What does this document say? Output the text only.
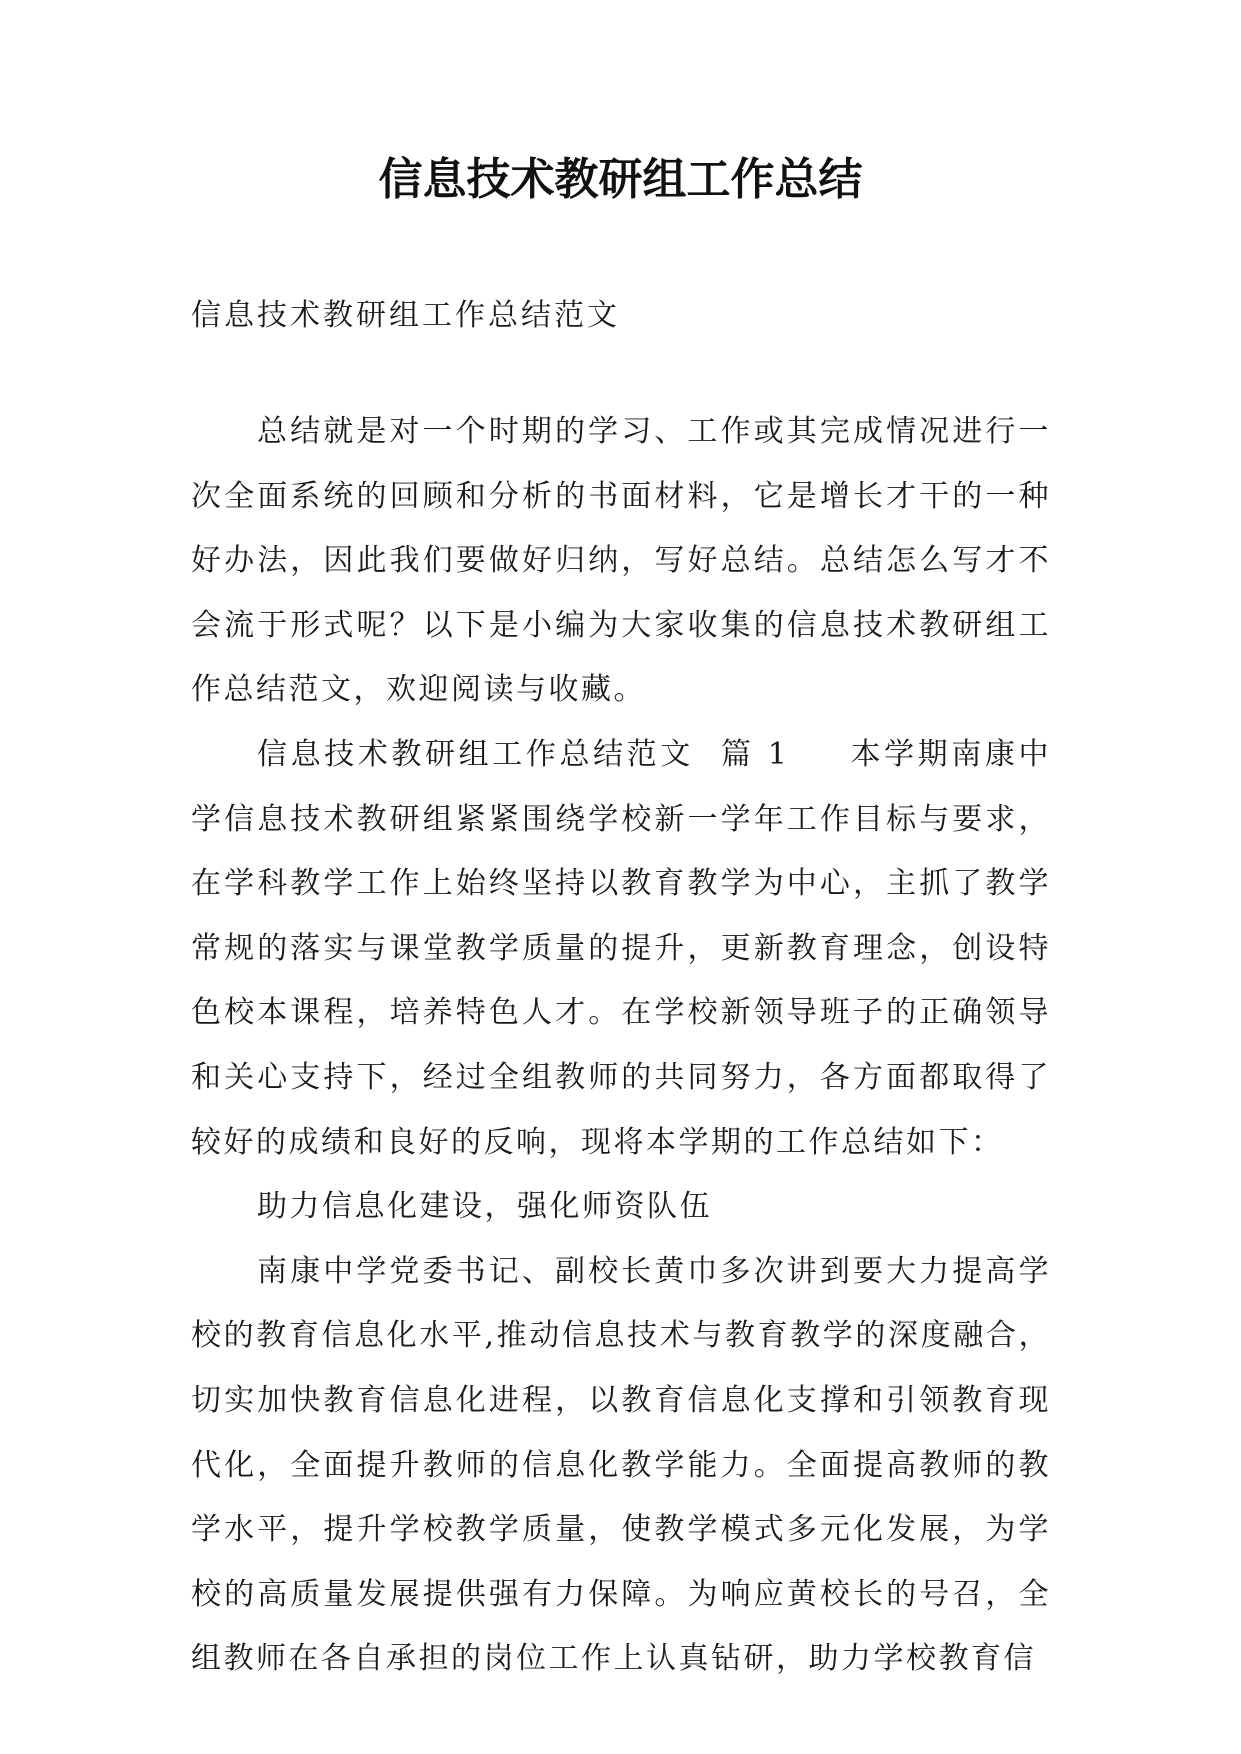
信息技术教研组工作总结

信息技术教研组工作总结范文

总结就是对一个时期的学习、工作或其完成情况进行一次全面系统的回顾和分析的书面材料，它是增长才干的一种好办法，因此我们要做好归纳，写好总结。总结怎么写才不会流于形式呢？以下是小编为大家收集的信息技术教研组工作总结范文，欢迎阅读与收藏。

信息技术教研组工作总结范文 篇 1 本学期南康中学信息技术教研组紧紧围绕学校新一学年工作目标与要求，在学科教学工作上始终坚持以教育教学为中心，主抓了教学常规的落实与课堂教学质量的提升，更新教育理念，创设特色校本课程，培养特色人才。在学校新领导班子的正确领导和关心支持下，经过全组教师的共同努力，各方面都取得了较好的成绩和良好的反响，现将本学期的工作总结如下：

助力信息化建设，强化师资队伍

南康中学党委书记、副校长黄巾多次讲到要大力提高学校的教育信息化水平,推动信息技术与教育教学的深度融合，切实加快教育信息化进程，以教育信息化支撑和引领教育现代化，全面提升教师的信息化教学能力。全面提高教师的教学水平，提升学校教学质量，使教学模式多元化发展，为学校的高质量发展提供强有力保障。为响应黄校长的号召，全组教师在各自承担的岗位工作上认真钻研，助力学校教育信
